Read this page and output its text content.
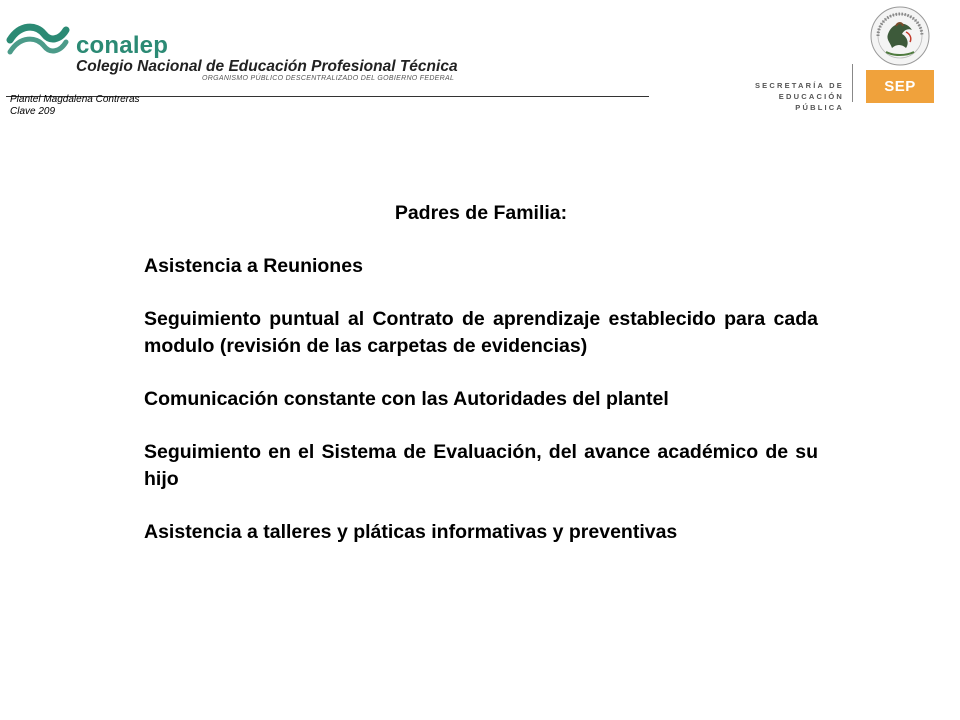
conalep
Colegio Nacional de Educación Profesional Técnica
ORGANISMO PÚBLICO DESCENTRALIZADO DEL GOBIERNO FEDERAL
Plantel Magdalena Contreras
Clave 209
SECRETARÍA DE
EDUCACIÓN PÚBLICA
SEP
Padres de Familia:

Asistencia a Reuniones

Seguimiento puntual al Contrato de aprendizaje establecido para cada modulo (revisión de las carpetas de evidencias)

Comunicación constante con las Autoridades del plantel

Seguimiento en el Sistema de Evaluación, del avance académico de su hijo

Asistencia a talleres y pláticas informativas y preventivas
